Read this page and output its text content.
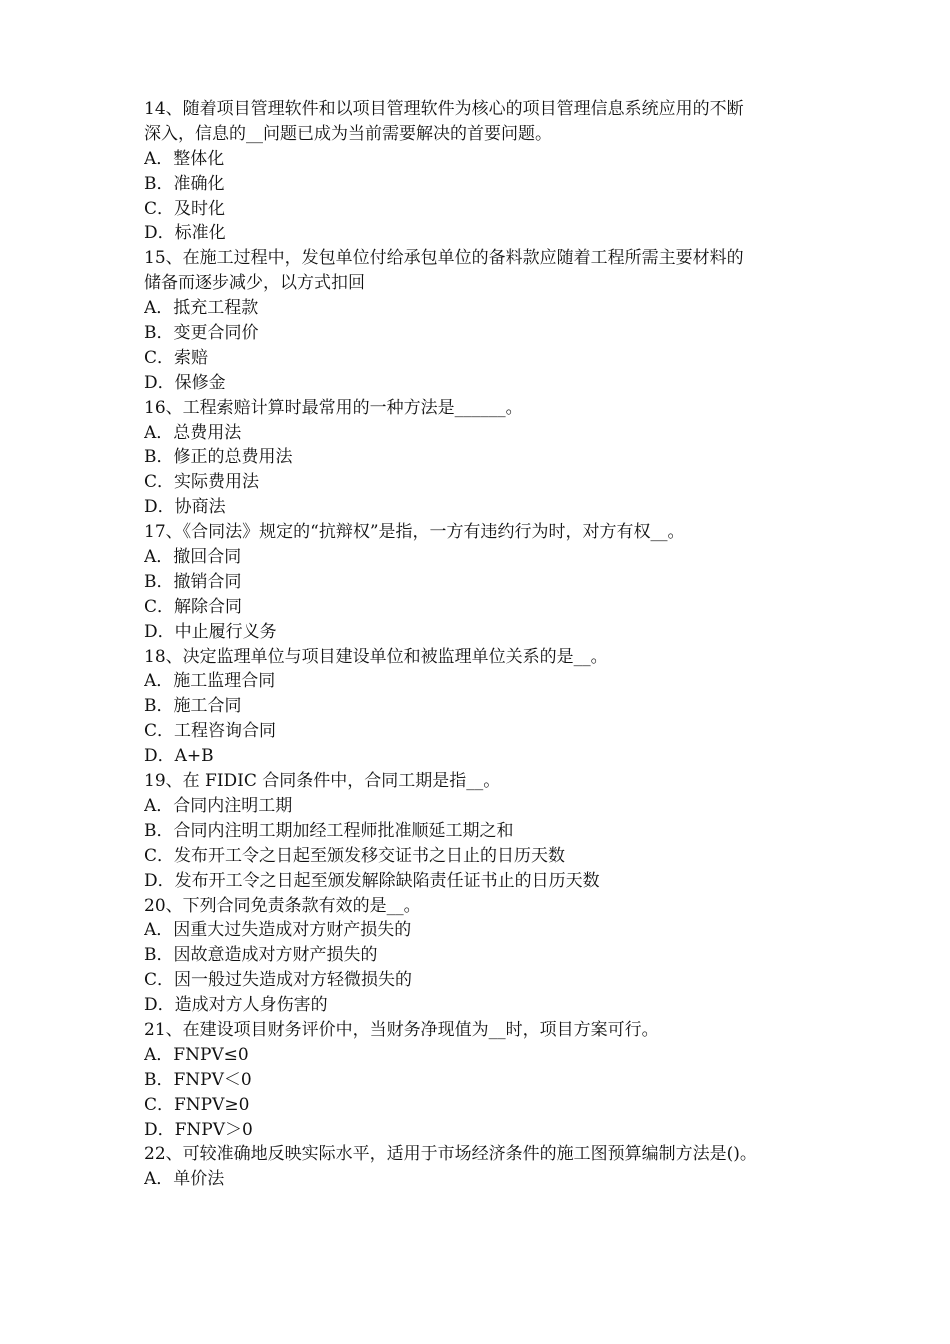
14、随着项目管理软件和以项目管理软件为核心的项目管理信息系统应用的不断
深入，信息的__问题已成为当前需要解决的首要问题。
A．整体化
B．准确化
C．及时化
D．标准化
15、在施工过程中，发包单位付给承包单位的备料款应随着工程所需主要材料的
储备而逐步减少，以方式扣回
A．抵充工程款
B．变更合同价
C．索赔
D．保修金
16、工程索赔计算时最常用的一种方法是______。
A．总费用法
B．修正的总费用法
C．实际费用法
D．协商法
17、《合同法》规定的“抗辩权”是指，一方有违约行为时，对方有权__。
A．撤回合同
B．撤销合同
C．解除合同
D．中止履行义务
18、决定监理单位与项目建设单位和被监理单位关系的是__。
A．施工监理合同
B．施工合同
C．工程咨询合同
D．A+B
19、在 FIDIC 合同条件中，合同工期是指__。
A．合同内注明工期
B．合同内注明工期加经工程师批准顺延工期之和
C．发布开工令之日起至颁发移交证书之日止的日历天数
D．发布开工令之日起至颁发解除缺陷责任证书止的日历天数
20、下列合同免责条款有效的是__。
A．因重大过失造成对方财产损失的
B．因故意造成对方财产损失的
C．因一般过失造成对方轻微损失的
D．造成对方人身伤害的
21、在建设项目财务评价中，当财务净现值为__时，项目方案可行。
A．FNPV≤0
B．FNPV＜0
C．FNPV≥0
D．FNPV＞0
22、可较准确地反映实际水平，适用于市场经济条件的施工图预算编制方法是()。
A．单价法
